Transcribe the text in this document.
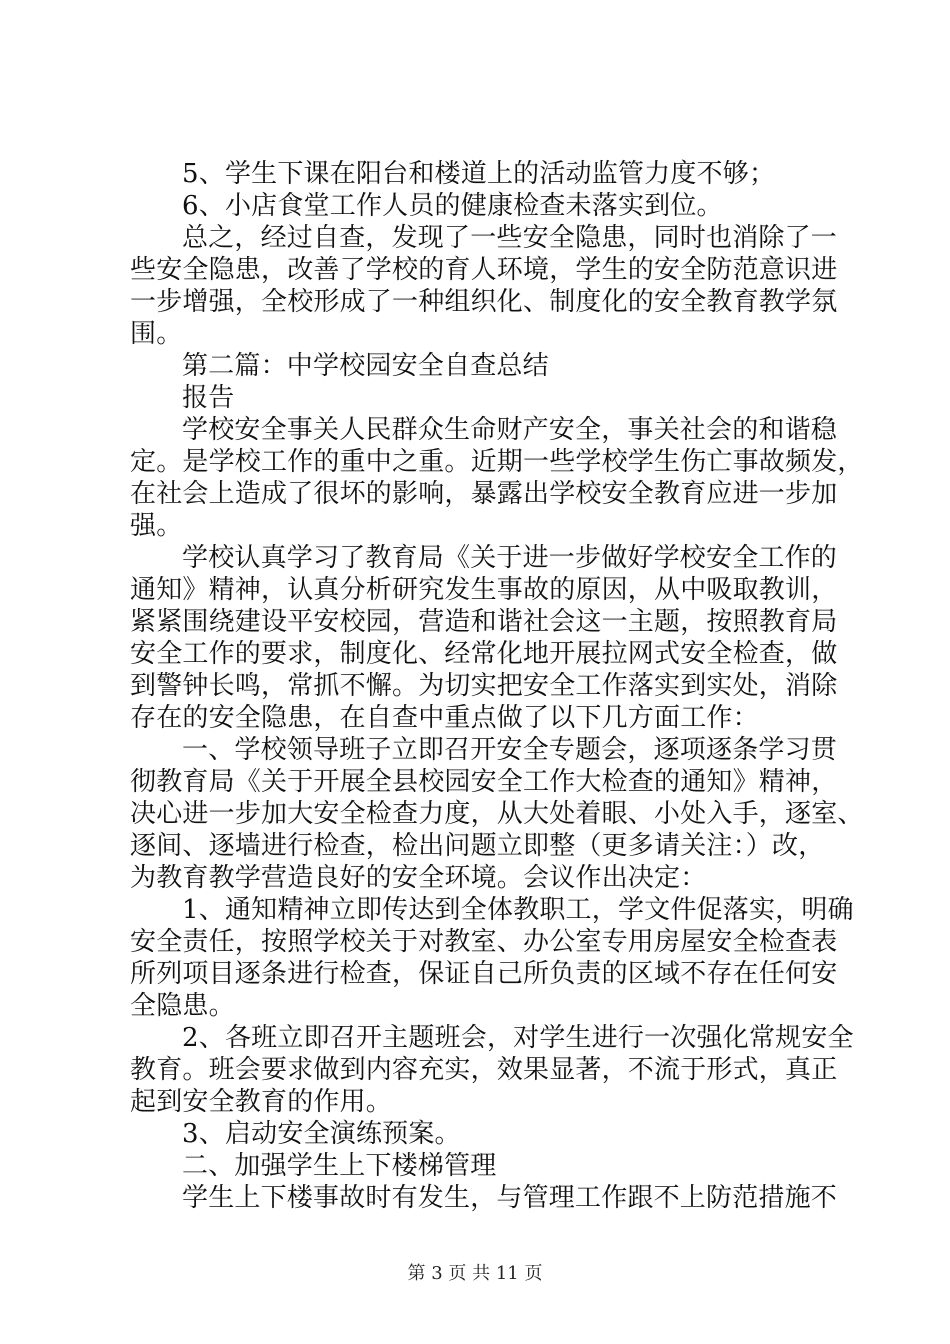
5、学生下课在阳台和楼道上的活动监管力度不够；
6、小店食堂工作人员的健康检查未落实到位。
总之，经过自查，发现了一些安全隐患，同时也消除了一
些安全隐患，改善了学校的育人环境，学生的安全防范意识进
一步增强，全校形成了一种组织化、制度化的安全教育教学氛
围。
第二篇：中学校园安全自查总结
报告
学校安全事关人民群众生命财产安全，事关社会的和谐稳
定。是学校工作的重中之重。近期一些学校学生伤亡事故频发，
在社会上造成了很坏的影响，暴露出学校安全教育应进一步加
强。
学校认真学习了教育局《关于进一步做好学校安全工作的
通知》精神，认真分析研究发生事故的原因，从中吸取教训，
紧紧围绕建设平安校园，营造和谐社会这一主题，按照教育局
安全工作的要求，制度化、经常化地开展拉网式安全检查，做
到警钟长鸣，常抓不懈。为切实把安全工作落实到实处，消除
存在的安全隐患，在自查中重点做了以下几方面工作：
一、学校领导班子立即召开安全专题会，逐项逐条学习贯
彻教育局《关于开展全县校园安全工作大检查的通知》精神，
决心进一步加大安全检查力度，从大处着眼、小处入手，逐室、
逐间、逐墙进行检查，检出问题立即整（更多请关注：）改，
为教育教学营造良好的安全环境。会议作出决定：
1、通知精神立即传达到全体教职工，学文件促落实，明确
安全责任，按照学校关于对教室、办公室专用房屋安全检查表
所列项目逐条进行检查，保证自己所负责的区域不存在任何安
全隐患。
2、各班立即召开主题班会，对学生进行一次强化常规安全
教育。班会要求做到内容充实，效果显著，不流于形式，真正
起到安全教育的作用。
3、启动安全演练预案。
二、加强学生上下楼梯管理
学生上下楼事故时有发生，与管理工作跟不上防范措施不
第 3 页 共 11 页
